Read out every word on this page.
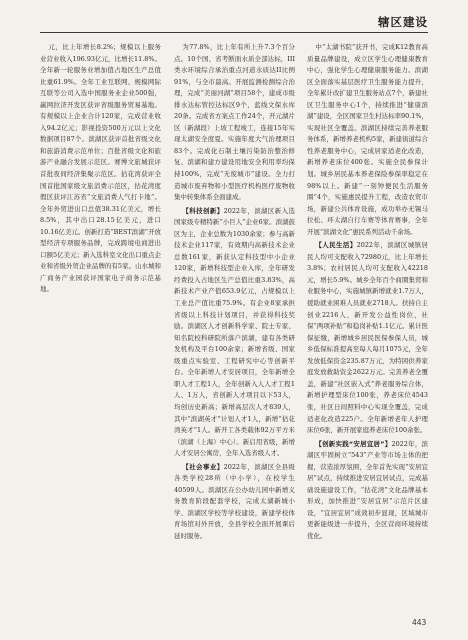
辖区建设

元，比上年增长8.2%；规模以上服务业营业收入196.93亿元，比增长11.8%。全年新一轮服务业增加值占地区生产总值比重61.9%。全年工业互联网、规模网际互联等公司入选中国服务业企业500强，赢网拉济开发区获评省级服务贸易基地。有规模以上企业合计120家，完成营业收入94.2亿元；影视投资500万元以上文化数据项目87个。滨湖区获评首批省级文化和旅游消费示范单位；百批省级文化和旅游产业融合发展示范区。赛博文旅城获评首批夜间经济集聚示范区。拈花湾获评全国首批国家级文旅消费示范区，拈花湾度假区获评江苏省“文旅消费人气打卡地”。全年外贸进出口总值38.31亿美元，增长8.5%，其中出口28.15亿美元，进口10.16亿美元。创新打造“BEST滨湖”开放型经济专项服务品牌，完成跨境电商进出口额5亿美元；新入选科室文化出口重点企业和省级外贸企业品牌的有5家。山水城和广商务产业园获评国家电子商务示范基地。

为77.8%，比上年有所上升7.3个百分点。10个国、省考断面水质全部达标，III类水环境综合承治重点河道水质达II比例91%，与全市最高。开展监测检测综合治理，完成“美丽河湖”项目58个，建成市级排水达标管控达标区9个，蓝线文保水库20条。完成省方案点工作24个，开元湖片区（新湖段）上坡工程竣工，连接15年实现太湖安全度夏。实施年度大气治理项目83个。完成化石制土壤污染防治整治修复、滨湖和建方建设用地安全利用率均保持100%，完成“无废城市”建设。全力打造城市废弃物和小型医疗机构医疗废物收集中转集体系全面建成。

【科技创新】2022年，滨湖区新入选国家级专精特新“小巨人”企业6家。滨湖鼓区为主，企业总数为1030余家；参与高新技术企业117家，有效期内高新技术企业总数161家，新获认定科技型中小企业120家，新增科技型企业入库，全年研发经费投入占地区生产总值比重3.83%，高新技术产业产值653.9亿元，占规模以上工业总产值比重75.9%。有企业8家承担省级以上科技计划项目，并获得科技奖励。滨湖区人才创新科学家、院士专家、知名院校科研院所落户滨湖，建有各类研发机构及平台100余家；新增省级、国家级重点实验室、工程研究中心等创新平台。全年新增人才安居项目，全年新增全职人才工程1人，全年创新入人人才工程1人、1万人，省创新人才项目以下53人，均创历史新高；新增高层次人才839人，其中“滨湖英才”计划人才1人，新增“拈花湾英才”1人。新开工各类载体92万平方米（滨湖（上海）中心）。新启用省级，新增人才安居公寓房，全年入选省级人才。

【社会事业】2022年，滨湖区全县级各类学校28所（中小学），在校学生40599人。滨湖区在公办幼儿园中新增义务教育阶段配套学校，完成太湖新城小学、滨湖区学校等学校建设，新建学校体育场馆对外开放，全县学校全面开展课后延时服务。

中“太湖书院”获开书，完成K12教育高质量品牌建设，成立区学生心理健康教育中心，强化学生心理健康服务能力。滨湖区全面落实基层医疗卫生服务能力提升，全年累计改扩建卫生服务站点7个，新建社区卫生服务中心1个，持续推进“健康滨湖”建设，全区国家卫生村达标率90.1%，实现社区全覆盖。滨湖区持续完善养老服务体系，新增养老机构5家，新建街道综合性养老服务中心，完成居家适老化改造，新增养老床位400张。实施全民参保计划。城乡居民基本养老保险参保率稳定在98%以上。新建“一刻钟便民生活服务圈”4个，实施惠民提升工程，改造农贸市场，新建公共体育设施，成功举办无锡马拉松、环太湖自行车赛等体育赛事，全年开展“滨湖文化”惠民系列活动千余场。

【人民生活】2022年，滨湖区城镇居民人均可支配收入72980元，比上年增长3.8%；农村居民人均可支配收入42218元，增长5.9%。城乡全年百个商圈集贸和业服务中心，实施城镇新增就业1.7万人，援助就业困难人员就业2718人。扶持自主创业2216人，新开发公益性岗位，社保“两项补贴”和稳岗补贴1.1亿元。累计医保征缴，新增城乡居民医保参保人员，城乡低保标准提高至每人每月1075元，全年发放低保资金235.87万元，为特困供养家庭发放救助资金2622万元。完善养老全覆盖，新建“社区嵌入式”养老服务综合体，新增护理型床位100张，养老床位4543张，社区日间照料中心实现全覆盖，完成适老化改造225户。全年新增老年人护理床位6张，新开展家庭养老床位100余张。

【创新实践“安居宜居”】2022年，滨湖区牢固树立“543”产业等市场主体的把握，营造浓厚氛围，全年首先实现“安居宜居”试点，持续推进安居宜居试点，完成基础设施建设工作，“拈花湾”文化品牌基本形成，加快推进“安居宜居”示范片区建设，“宜居宜居”成效初步显现，区域城市更新能级进一步提升，全区营商环境持续优化。

443
